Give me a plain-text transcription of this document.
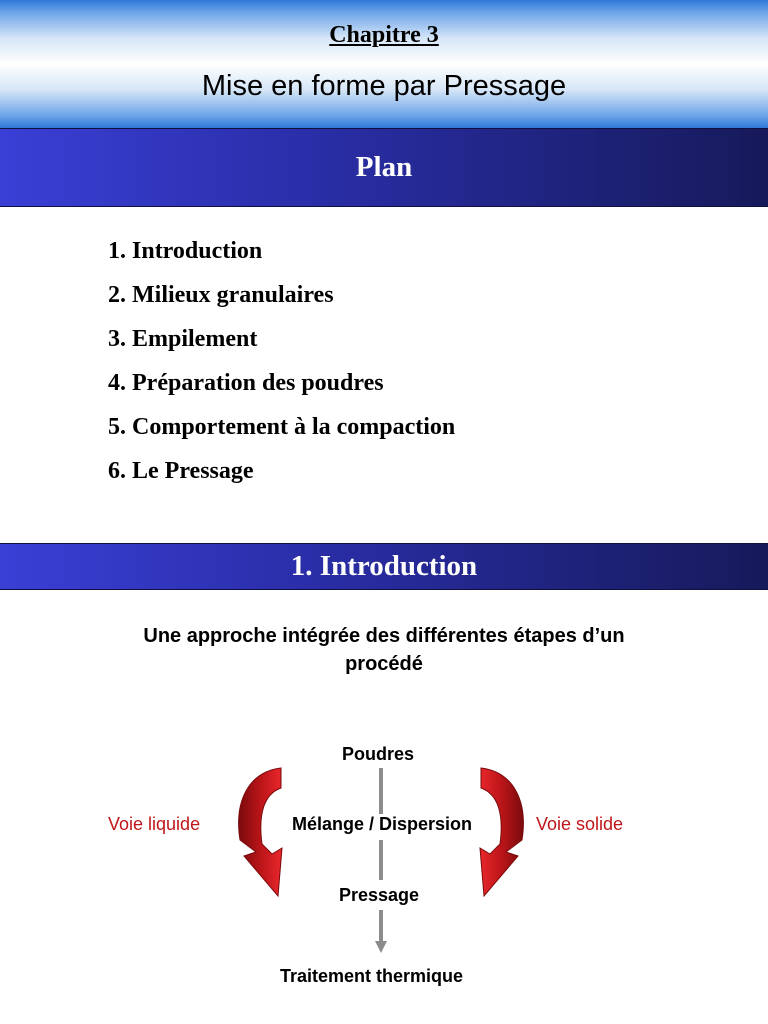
Chapitre 3
Mise en forme par Pressage
Plan
1. Introduction
2. Milieux granulaires
3. Empilement
4. Préparation des poudres
5. Comportement à la compaction
6. Le Pressage
1. Introduction
Une approche intégrée des différentes étapes d’un
procédé
Poudres
Mélange / Dispersion
Pressage
Traitement thermique
Voie liquide	Voie solide
